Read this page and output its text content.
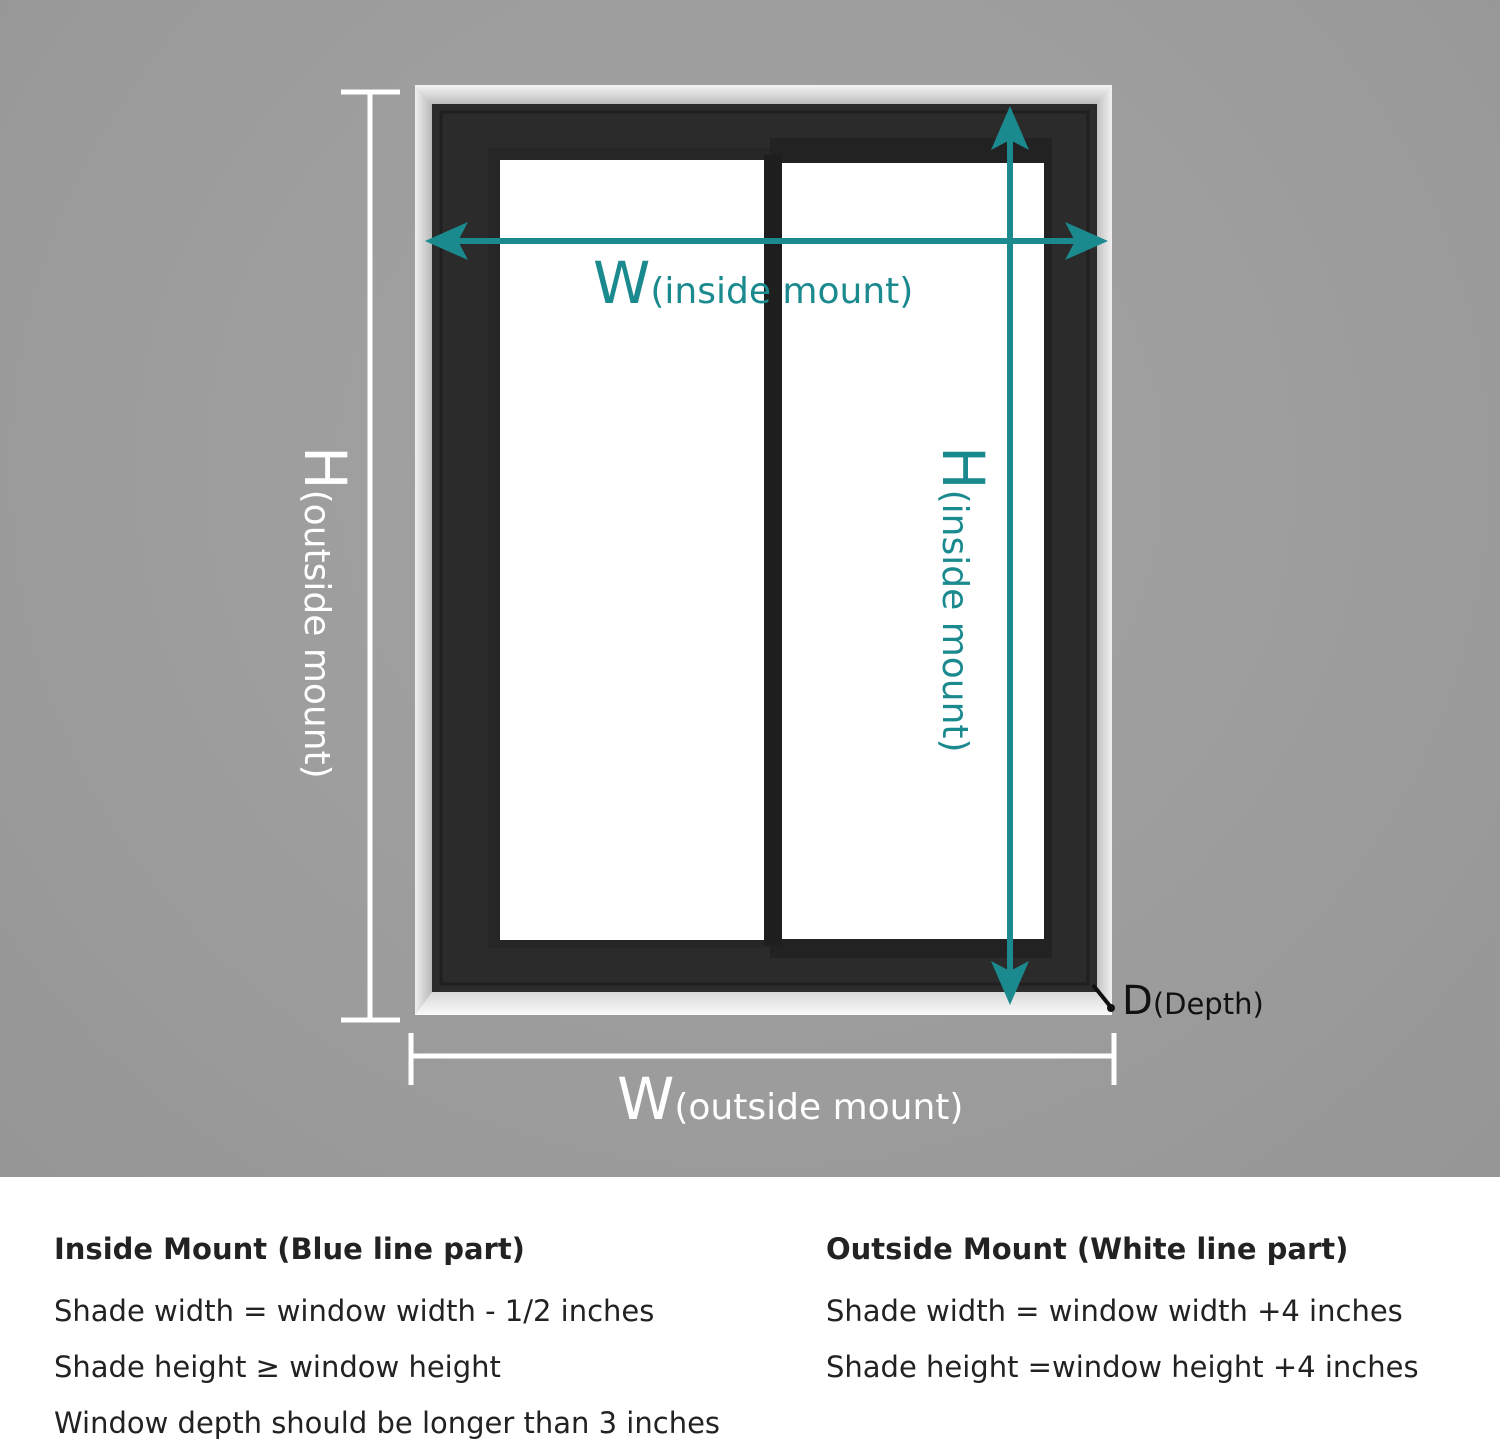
W(inside mount)
H(inside mount)
H(outside mount)
W(outside mount)
D(Depth)
Inside Mount (Blue line part)
Shade width = window width - 1/2 inches
Shade height ≥ window height
Window depth should be longer than 3 inches
Outside Mount (White line part)
Shade width = window width +4 inches
Shade height =window height +4 inches
